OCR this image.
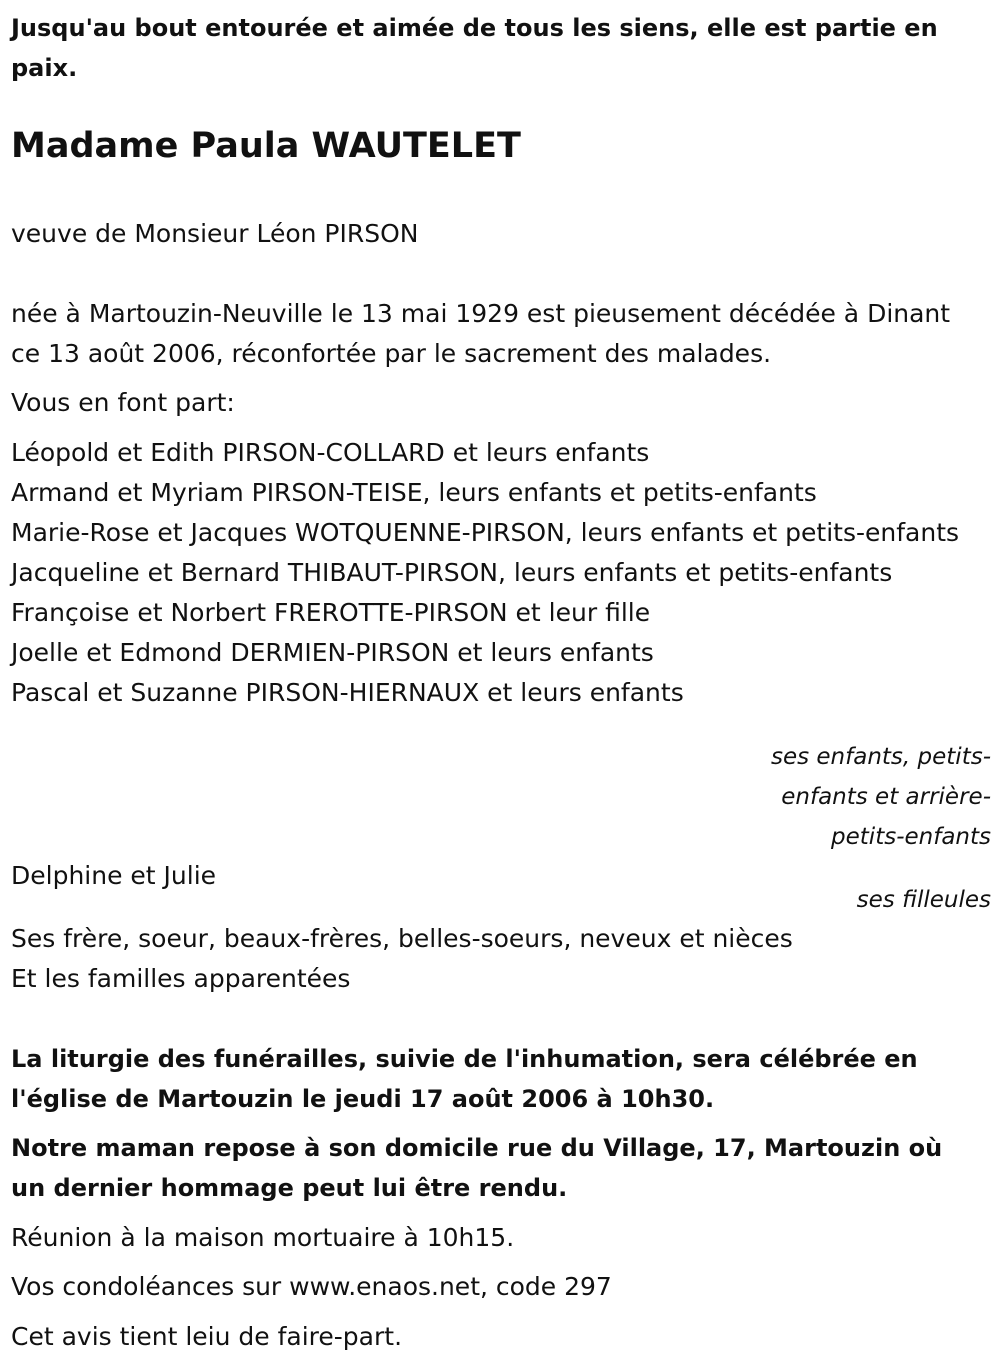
Jusqu'au bout entourée et aimée de tous les siens, elle est partie en paix.
Madame Paula WAUTELET
veuve de Monsieur Léon PIRSON
née à Martouzin-Neuville le 13 mai 1929 est pieusement décédée à Dinant ce 13 août 2006, réconfortée par le sacrement des malades.
Vous en font part:
Léopold et Edith PIRSON-COLLARD et leurs enfants
Armand et Myriam PIRSON-TEISE, leurs enfants et petits-enfants
Marie-Rose et Jacques WOTQUENNE-PIRSON, leurs enfants et petits-enfants
Jacqueline et Bernard THIBAUT-PIRSON, leurs enfants et petits-enfants
Françoise et Norbert FREROTTE-PIRSON et leur fille
Joelle et Edmond DERMIEN-PIRSON et leurs enfants
Pascal et Suzanne PIRSON-HIERNAUX et leurs enfants
ses enfants, petits-enfants et arrière-petits-enfants
Delphine et Julie
ses filleules
Ses frère, soeur, beaux-frères, belles-soeurs, neveux et nièces
Et les familles apparentées
La liturgie des funérailles, suivie de l'inhumation, sera célébrée en l'église de Martouzin le jeudi 17 août 2006 à 10h30.
Notre maman repose à son domicile rue du Village, 17, Martouzin où un dernier hommage peut lui être rendu.
Réunion à la maison mortuaire à 10h15.
Vos condoléances sur www.enaos.net, code 297
Cet avis tient leiu de faire-part.
